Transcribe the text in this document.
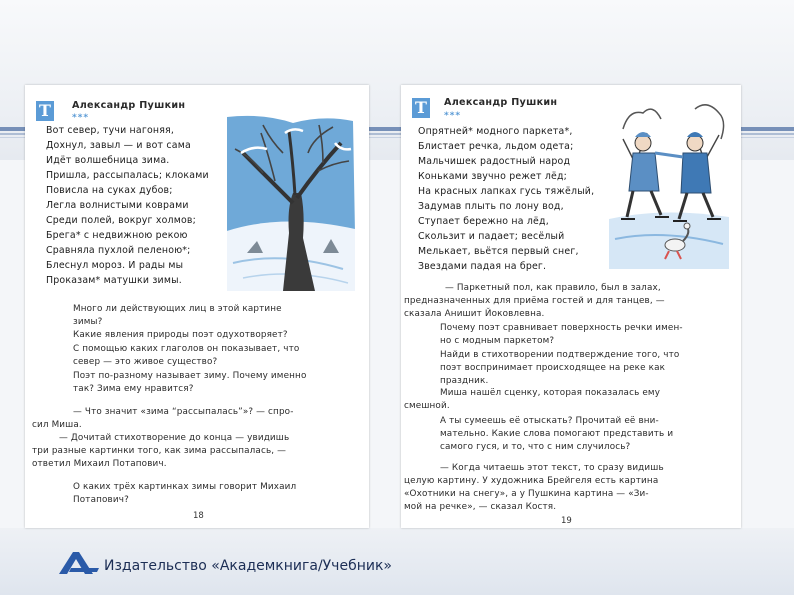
Т	Александр Пушкин
***
Вот север, тучи нагоняя,
Дохнул, завыл — и вот сама
Идёт волшебница зима.
Пришла, рассыпалась; клоками
Повисла на суках дубов;
Легла волнистыми коврами
Среди полей, вокруг холмов;
Брега* с недвижною рекою
Сравняла пухлой пеленою*;
Блеснул мороз. И рады мы
Проказам* матушки зимы.
Много ли действующих лиц в этой картине
зимы?
Какие явления природы поэт одухотворяет?
С помощью каких глаголов он показывает, что
север — это живое существо?
Поэт по-разному называет зиму. Почему именно
так? Зима ему нравится?
— Что значит «зима “рассыпалась”»? — спро-
сил Миша.
— Дочитай стихотворение до конца — увидишь
три разные картинки того, как зима рассыпалась, —
ответил Михаил Потапович.
О каких трёх картинках зимы говорит Михаил
Потапович?
18
Т	Александр Пушкин
***
Опрятней* модного паркета*,
Блистает речка, льдом одета;
Мальчишек радостный народ
Коньками звучно режет лёд;
На красных лапках гусь тяжёлый,
Задумав плыть по лону вод,
Ступает бережно на лёд,
Скользит и падает; весёлый
Мелькает, вьётся первый снег,
Звездами падая на брег.
— Паркетный пол, как правило, был в залах,
предназначенных для приёма гостей и для танцев, —
сказала Анишит Йоковлевна.
Почему поэт сравнивает поверхность речки имен-
но с модным паркетом?
Найди в стихотворении подтверждение того, что
поэт воспринимает происходящее на реке как
праздник.
Миша нашёл сценку, которая показалась ему
смешной.
А ты сумеешь её отыскать? Прочитай её вни-
мательно. Какие слова помогают представить и
самого гуся, и то, что с ним случилось?
— Когда читаешь этот текст, то сразу видишь
целую картину. У художника Брейгеля есть картина
«Охотники на снегу», а у Пушкина картина — «Зи-
мой на речке», — сказал Костя.
19
Издательство «Академкнига/Учебник»
